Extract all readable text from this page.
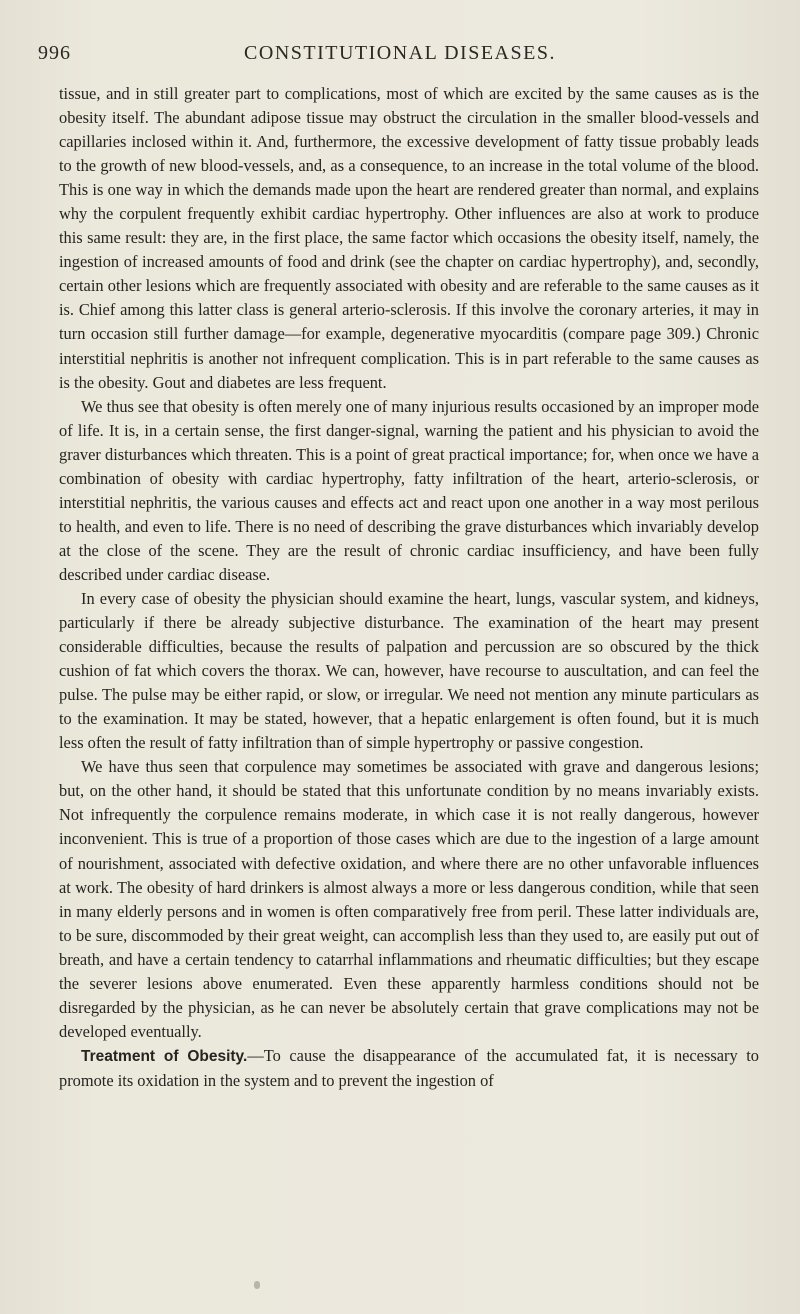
996	CONSTITUTIONAL DISEASES.

tissue, and in still greater part to complications, most of which are excited by the same causes as is the obesity itself. The abundant adipose tissue may obstruct the circulation in the smaller blood-vessels and capillaries inclosed within it. And, furthermore, the excessive development of fatty tissue probably leads to the growth of new blood-vessels, and, as a consequence, to an increase in the total volume of the blood. This is one way in which the demands made upon the heart are rendered greater than normal, and explains why the corpulent frequently exhibit cardiac hypertrophy. Other influences are also at work to produce this same result: they are, in the first place, the same factor which occasions the obesity itself, namely, the ingestion of increased amounts of food and drink (see the chapter on cardiac hypertrophy), and, secondly, certain other lesions which are frequently associated with obesity and are referable to the same causes as it is. Chief among this latter class is general arterio-sclerosis. If this involve the coronary arteries, it may in turn occasion still further damage—for example, degenerative myocarditis (compare page 309.) Chronic interstitial nephritis is another not infrequent complication. This is in part referable to the same causes as is the obesity. Gout and diabetes are less frequent.

We thus see that obesity is often merely one of many injurious results occasioned by an improper mode of life. It is, in a certain sense, the first danger-signal, warning the patient and his physician to avoid the graver disturbances which threaten. This is a point of great practical importance; for, when once we have a combination of obesity with cardiac hypertrophy, fatty infiltration of the heart, arterio-sclerosis, or interstitial nephritis, the various causes and effects act and react upon one another in a way most perilous to health, and even to life. There is no need of describing the grave disturbances which invariably develop at the close of the scene. They are the result of chronic cardiac insufficiency, and have been fully described under cardiac disease.

In every case of obesity the physician should examine the heart, lungs, vascular system, and kidneys, particularly if there be already subjective disturbance. The examination of the heart may present considerable difficulties, because the results of palpation and percussion are so obscured by the thick cushion of fat which covers the thorax. We can, however, have recourse to auscultation, and can feel the pulse. The pulse may be either rapid, or slow, or irregular. We need not mention any minute particulars as to the examination. It may be stated, however, that a hepatic enlargement is often found, but it is much less often the result of fatty infiltration than of simple hypertrophy or passive congestion.

We have thus seen that corpulence may sometimes be associated with grave and dangerous lesions; but, on the other hand, it should be stated that this unfortunate condition by no means invariably exists. Not infrequently the corpulence remains moderate, in which case it is not really dangerous, however inconvenient. This is true of a proportion of those cases which are due to the ingestion of a large amount of nourishment, associated with defective oxidation, and where there are no other unfavorable influences at work. The obesity of hard drinkers is almost always a more or less dangerous condition, while that seen in many elderly persons and in women is often comparatively free from peril. These latter individuals are, to be sure, discommoded by their great weight, can accomplish less than they used to, are easily put out of breath, and have a certain tendency to catarrhal inflammations and rheumatic difficulties; but they escape the severer lesions above enumerated. Even these apparently harmless conditions should not be disregarded by the physician, as he can never be absolutely certain that grave complications may not be developed eventually.

Treatment of Obesity.—To cause the disappearance of the accumulated fat, it is necessary to promote its oxidation in the system and to prevent the ingestion of
